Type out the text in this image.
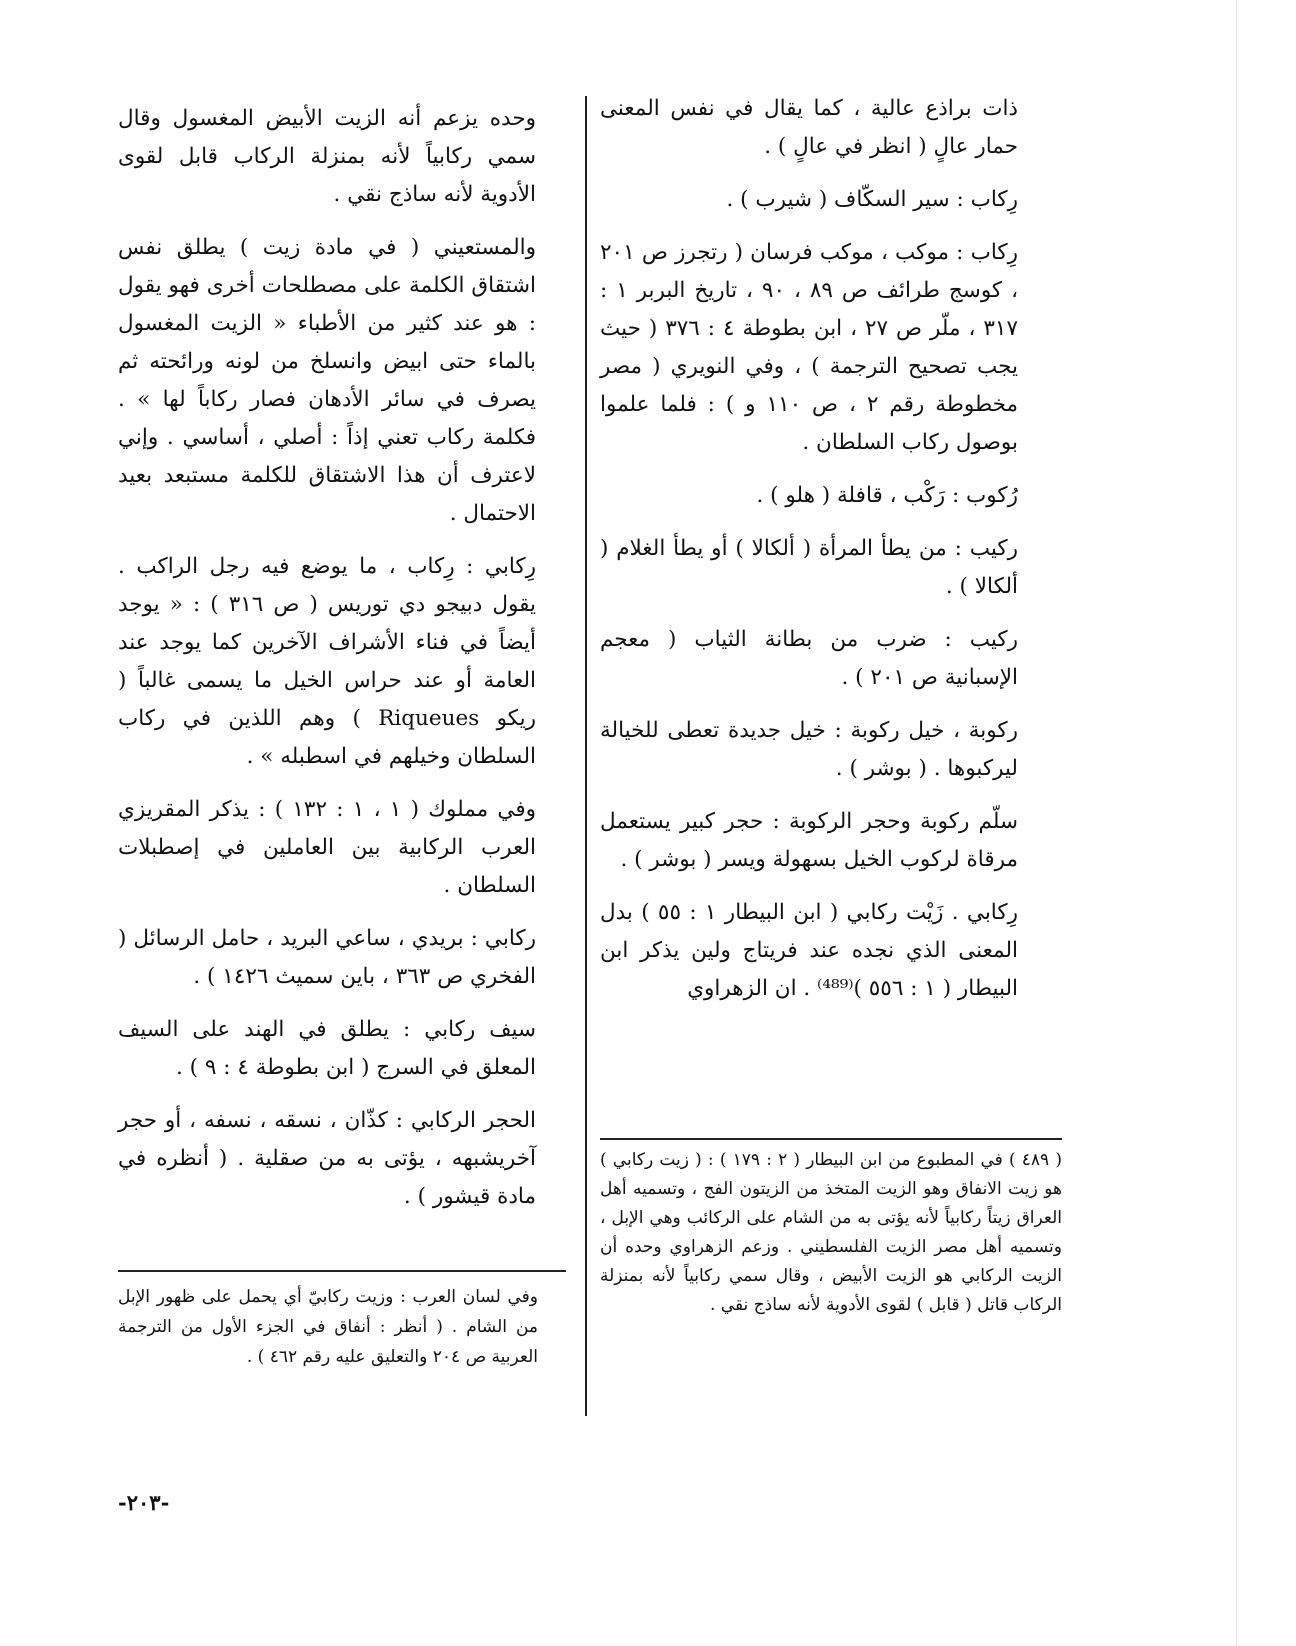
ذات براذع عالية ، كما يقال في نفس المعنى حمار عالٍ ( انظر في عالٍ ) .

رِكاب : سير السكّاف ( شيرب ) .

رِكاب : موكب ، موكب فرسان ( رتجرز ص ٢٠١ ، كوسج طرائف ص ٨٩ ، ٩٠ ، تاريخ البربر ١ : ٣١٧ ، ملّر ص ٢٧ ، ابن بطوطة ٤ : ٣٧٦ ( حيث يجب تصحيح الترجمة ) ، وفي النويري ( مصر مخطوطة رقم ٢ ، ص ١١٠ و ) : فلما علموا بوصول ركاب السلطان .

رُكوب : رَكْب ، قافلة ( هلو ) .

ركيب : من يطأ المرأة ( ألكالا ) أو يطأ الغلام ( ألكالا ) .

ركيب : ضرب من بطانة الثياب ( معجم الإسبانية ص ٢٠١ ) .

ركوبة ، خيل ركوبة : خيل جديدة تعطى للخيالة ليركبوها . ( بوشر ) .

سلّم ركوبة وحجر الركوبة : حجر كبير يستعمل مرقاة لركوب الخيل بسهولة ويسر ( بوشر ) .

رِكابي . زَيْت ركابي ( ابن البيطار ١ : ٥٥ ) بدل المعنى الذي نجده عند فريتاج ولين يذكر ابن البيطار ( ١ : ٥٥٦ )⁽⁴⁸⁹⁾ . ان الزهراوي

وحده يزعم أنه الزيت الأبيض المغسول وقال سمي ركابياً لأنه بمنزلة الركاب قابل لقوى الأدوية لأنه ساذج نقي .

والمستعيني ( في مادة زيت ) يطلق نفس اشتقاق الكلمة على مصطلحات أخرى فهو يقول : هو عند كثير من الأطباء « الزيت المغسول بالماء حتى ابيض وانسلخ من لونه ورائحته ثم يصرف في سائر الأدهان فصار ركاباً لها » . فكلمة ركاب تعني إذاً : أصلي ، أساسي . وإني لاعترف أن هذا الاشتقاق للكلمة مستبعد بعيد الاحتمال .

رِكابي : رِكاب ، ما يوضع فيه رجل الراكب . يقول دبيجو دي توريس ( ص ٣١٦ ) : « يوجد أيضاً في فناء الأشراف الآخرين كما يوجد عند العامة أو عند حراس الخيل ما يسمى غالباً ( ريكو Riqueues ) وهم اللذين في ركاب السلطان وخيلهم في اسطبله » .

وفي مملوك ( ١ ، ١ : ١٣٢ ) : يذكر المقريزي العرب الركابية بين العاملين في إصطبلات السلطان .

ركابي : بريدي ، ساعي البريد ، حامل الرسائل ( الفخري ص ٣٦٣ ، باين سميث ١٤٢٦ ) .

سيف ركابي : يطلق في الهند على السيف المعلق في السرج ( ابن بطوطة ٤ : ٩ ) .

الحجر الركابي : كذّان ، نسقه ، نسفه ، أو حجر آخريشبهه ، يؤتى به من صقلية . ( أنظره في مادة قيشور ) .

( ٤٨٩ ) في المطبوع من ابن البيطار ( ٢ : ١٧٩ ) : ( زيت ركابي ) هو زيت الانفاق وهو الزيت المتخذ من الزيتون الفج ، وتسميه أهل العراق زيتاً ركابياً لأنه يؤتى به من الشام على الركائب وهي الإبل ، وتسميه أهل مصر الزيت الفلسطيني . وزعم الزهراوي وحده أن الزيت الركابي هو الزيت الأبيض ، وقال سمي ركابياً لأنه بمنزلة الركاب قاتل ( قابل ) لقوى الأدوية لأنه ساذج نقي .
وفي لسان العرب : وزيت ركابيّ أي يحمل على ظهور الإبل من الشام . ( أنظر : أنفاق في الجزء الأول من الترجمة العربية ص ٢٠٤ والتعليق عليه رقم ٤٦٢ ) .
-٢٠٣-
